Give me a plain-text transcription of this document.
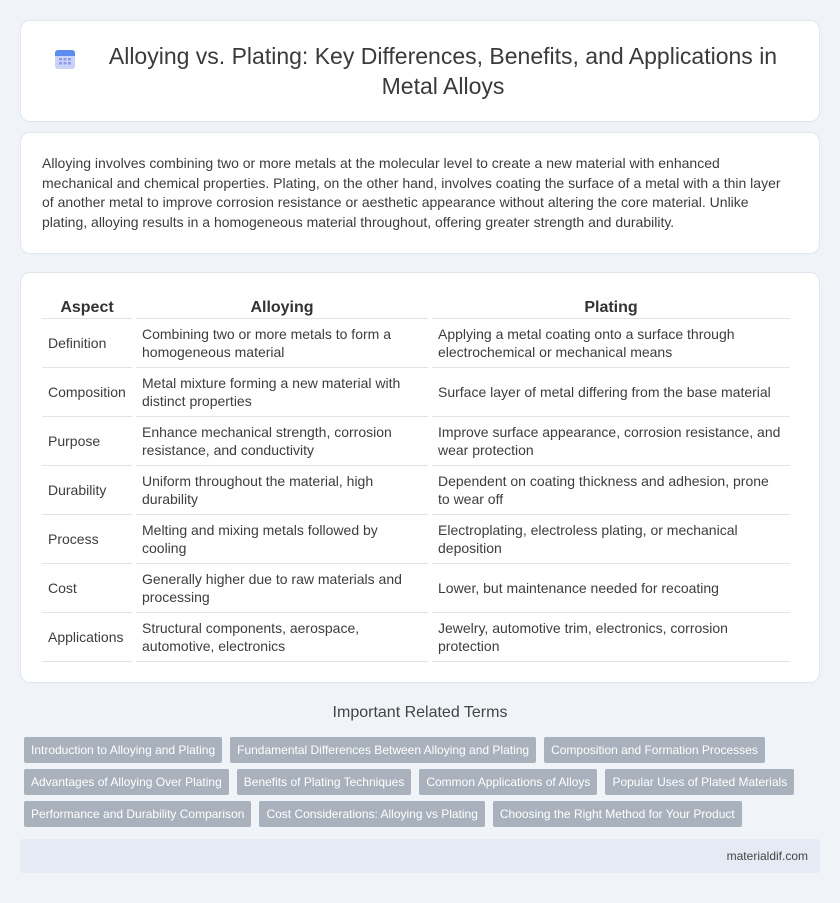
Alloying vs. Plating: Key Differences, Benefits, and Applications in Metal Alloys

Alloying involves combining two or more metals at the molecular level to create a new material with enhanced mechanical and chemical properties. Plating, on the other hand, involves coating the surface of a metal with a thin layer of another metal to improve corrosion resistance or aesthetic appearance without altering the core material. Unlike plating, alloying results in a homogeneous material throughout, offering greater strength and durability.

Aspect	Alloying	Plating
Definition	Combining two or more metals to form a homogeneous material	Applying a metal coating onto a surface through electrochemical or mechanical means
Composition	Metal mixture forming a new material with distinct properties	Surface layer of metal differing from the base material
Purpose	Enhance mechanical strength, corrosion resistance, and conductivity	Improve surface appearance, corrosion resistance, and wear protection
Durability	Uniform throughout the material, high durability	Dependent on coating thickness and adhesion, prone to wear off
Process	Melting and mixing metals followed by cooling	Electroplating, electroless plating, or mechanical deposition
Cost	Generally higher due to raw materials and processing	Lower, but maintenance needed for recoating
Applications	Structural components, aerospace, automotive, electronics	Jewelry, automotive trim, electronics, corrosion protection
Important Related Terms
Introduction to Alloying and Plating	Fundamental Differences Between Alloying and Plating	Composition and Formation Processes
Advantages of Alloying Over Plating	Benefits of Plating Techniques	Common Applications of Alloys	Popular Uses of Plated Materials
Performance and Durability Comparison	Cost Considerations: Alloying vs Plating	Choosing the Right Method for Your Product
materialdif.com
